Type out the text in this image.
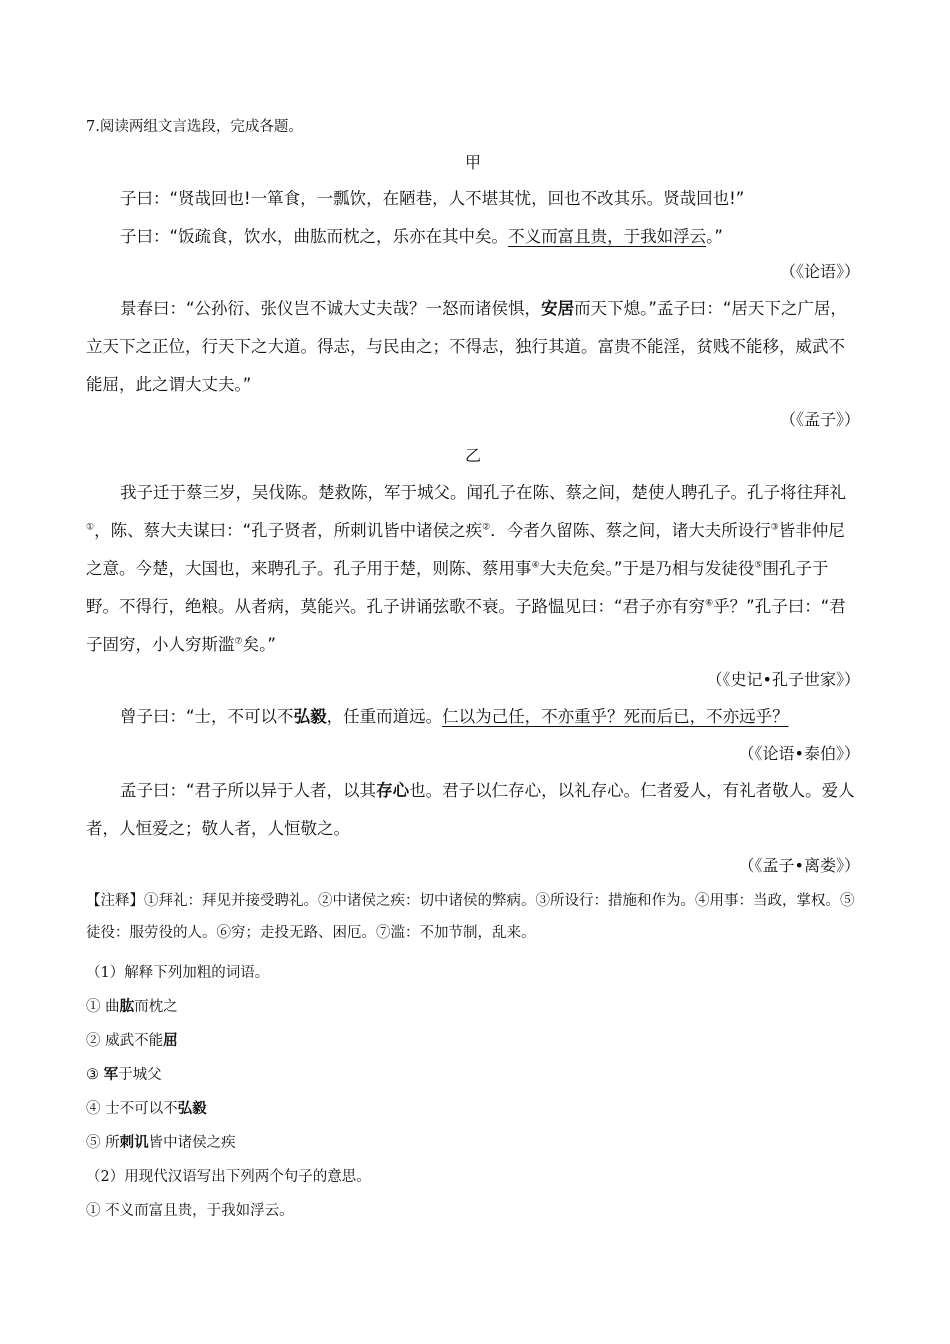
7.阅读两组文言选段，完成各题。
甲
子曰：“贤哉回也!一箪食，一瓢饮，在陋巷，人不堪其忧，回也不改其乐。贤哉回也!”
子曰：“饭疏食，饮水，曲肱而枕之，乐亦在其中矣。不义而富且贵，于我如浮云。”
（《论语》）
景春曰：“公孙衍、张仪岂不诚大丈夫哉？一怒而诸侯惧，安居而天下熄。”孟子曰：“居天下之广居，立天下之正位，行天下之大道。得志，与民由之；不得志，独行其道。富贵不能淫，贫贱不能移，威武不能屈，此之谓大丈夫。”
（《孟子》）
乙
我子迁于蔡三岁，吴伐陈。楚救陈，军于城父。闻孔子在陈、蔡之间，楚使人聘孔子。孔子将往拜礼①，陈、蔡大夫谋曰：“孔子贤者，所刺讥皆中诸侯之疾②．今者久留陈、蔡之间，诸大夫所设行③皆非仲尼之意。今楚，大国也，来聘孔子。孔子用于楚，则陈、蔡用事④大夫危矣。”于是乃相与发徒役⑤围孔子于野。不得行，绝粮。从者病，莫能兴。孔子讲诵弦歌不衰。子路愠见曰：“君子亦有穷⑥乎？”孔子曰：“君子固穷，小人穷斯滥⑦矣。”
（《史记•孔子世家》）
曾子曰：“士，不可以不弘毅，任重而道远。仁以为己任，不亦重乎？死而后已，不亦远乎？
（《论语•泰伯》）
孟子曰：“君子所以异于人者，以其存心也。君子以仁存心，以礼存心。仁者爱人，有礼者敬人。爱人者，人恒爱之；敬人者，人恒敬之。
（《孟子•离娄》）
【注释】①拜礼：拜见并接受聘礼。②中诸侯之疾：切中诸侯的弊病。③所设行：措施和作为。④用事：当政，掌权。⑤徒役：服劳役的人。⑥穷；走投无路、困厄。⑦滥：不加节制，乱来。
（1）解释下列加粗的词语。
① 曲肱而枕之
② 威武不能屈
③ 军于城父
④ 士不可以不弘毅
⑤ 所刺讥皆中诸侯之疾
（2）用现代汉语写出下列两个句子的意思。
① 不义而富且贵，于我如浮云。
